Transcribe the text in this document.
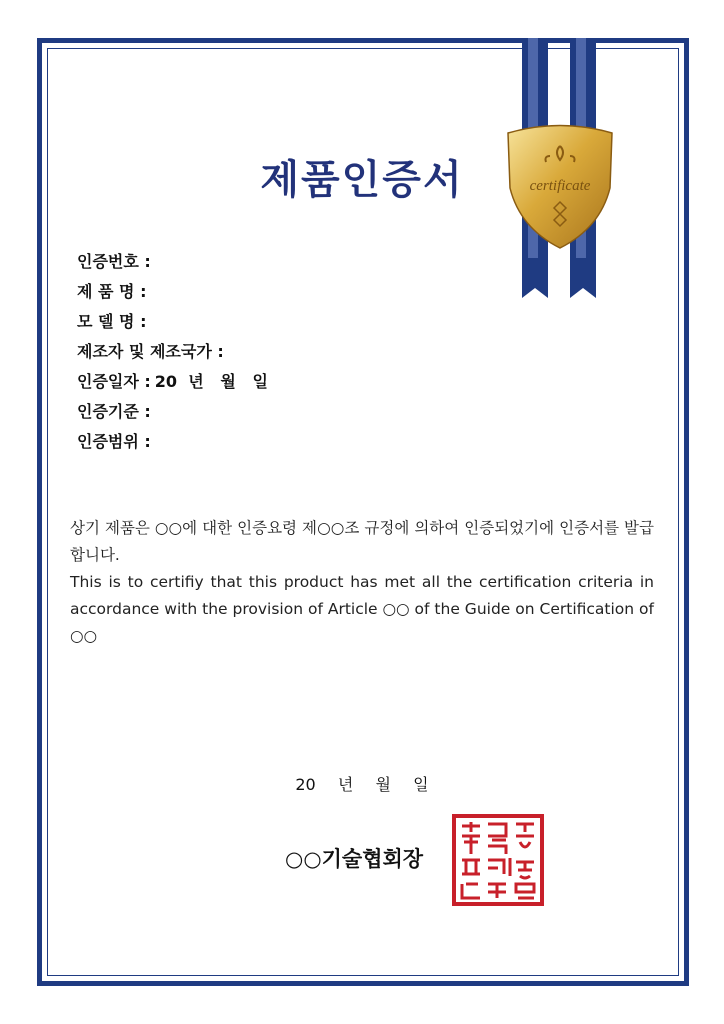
certificate
제품인증서
인증번호 :
제 품 명 :
모 델 명 :
제조자 및 제조국가 :
인증일자 : 20  년   월   일
인증기준 :
인증범위 :

상기 제품은 ○○에 대한 인증요령 제○○조 규정에 의하여 인증되었기에 인증서를 발급합니다.

This is to certifiy that this product has met all the certification criteria in accordance with the provision of Article ○○ of the Guide on Certification of ○○

20  년  월  일
○○기술협회장
